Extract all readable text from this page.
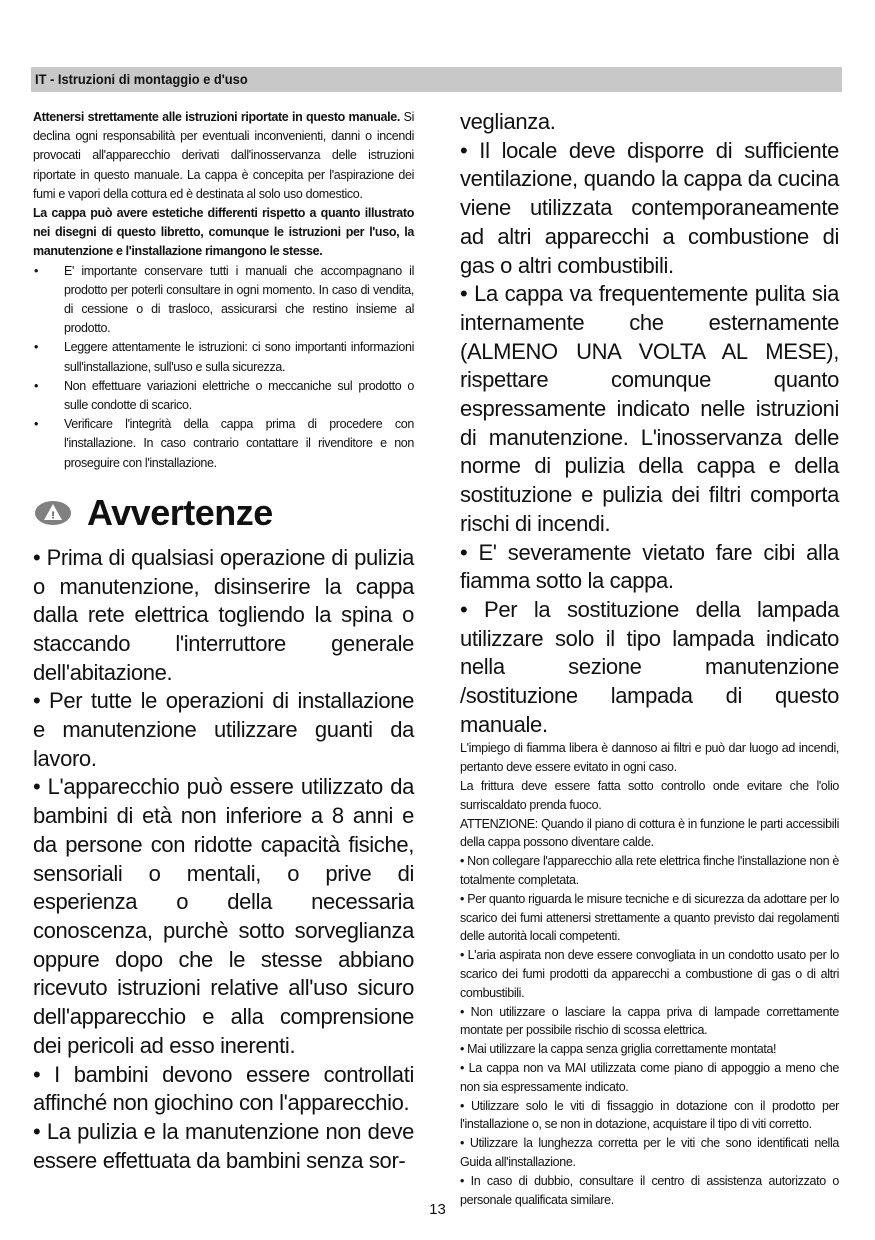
IT - Istruzioni di montaggio e d'uso

Attenersi strettamente alle istruzioni riportate in questo manuale. Si declina ogni responsabilità per eventuali inconvenienti, danni o incendi provocati all'apparecchio derivati dall'inosservanza delle istruzioni riportate in questo manuale. La cappa è concepita per l'aspirazione dei fumi e vapori della cottura ed è destinata al solo uso domestico.

La cappa può avere estetiche differenti rispetto a quanto illustrato nei disegni di questo libretto, comunque le istruzioni per l'uso, la manutenzione e l'installazione rimangono le stesse.

• E' importante conservare tutti i manuali che accompagnano il prodotto per poterli consultare in ogni momento. In caso di vendita, di cessione o di trasloco, assicurarsi che restino insieme al prodotto.
• Leggere attentamente le istruzioni: ci sono importanti informazioni sull'installazione, sull'uso e sulla sicurezza.
• Non effettuare variazioni elettriche o meccaniche sul prodotto o sulle condotte di scarico.
• Verificare l'integrità della cappa prima di procedere con l'installazione. In caso contrario contattare il rivenditore e non proseguire con l'installazione.
! Avvertenze

• Prima di qualsiasi operazione di pulizia o manutenzione, disinserire la cappa dalla rete elettrica togliendo la spina o staccando l'interruttore generale dell'abitazione.

• Per tutte le operazioni di installazione e manutenzione utilizzare guanti da lavoro.

• L'apparecchio può essere utilizzato da bambini di età non inferiore a 8 anni e da persone con ridotte capacità fisiche, sensoriali o mentali, o prive di esperienza o della necessaria conoscenza, purchè sotto sorveglianza oppure dopo che le stesse abbiano ricevuto istruzioni relative all'uso sicuro dell'apparecchio e alla comprensione dei pericoli ad esso inerenti.

• I bambini devono essere controllati affinché non giochino con l'apparecchio.

• La pulizia e la manutenzione non deve essere effettuata da bambini senza sor-

veglianza.

• Il locale deve disporre di sufficiente ventilazione, quando la cappa da cucina viene utilizzata contemporaneamente ad altri apparecchi a combustione di gas o altri combustibili.

• La cappa va frequentemente pulita sia internamente che esternamente (ALMENO UNA VOLTA AL MESE), rispettare comunque quanto espressamente indicato nelle istruzioni di manutenzione. L'inosservanza delle norme di pulizia della cappa e della sostituzione e pulizia dei filtri comporta rischi di incendi.

• E' severamente vietato fare cibi alla fiamma sotto la cappa.

• Per la sostituzione della lampada utilizzare solo il tipo lampada indicato nella sezione manutenzione /sostituzione lampada di questo manuale.

L'impiego di fiamma libera è dannoso ai filtri e può dar luogo ad incendi, pertanto deve essere evitato in ogni caso.

La frittura deve essere fatta sotto controllo onde evitare che l'olio surriscaldato prenda fuoco.

ATTENZIONE: Quando il piano di cottura è in funzione le parti accessibili della cappa possono diventare calde.

• Non collegare l'apparecchio alla rete elettrica finche l'installazione non è totalmente completata.

• Per quanto riguarda le misure tecniche e di sicurezza da adottare per lo scarico dei fumi attenersi strettamente a quanto previsto dai regolamenti delle autorità locali competenti.

• L'aria aspirata non deve essere convogliata in un condotto usato per lo scarico dei fumi prodotti da apparecchi a combustione di gas o di altri combustibili.

• Non utilizzare o lasciare la cappa priva di lampade correttamente montate per possibile rischio di scossa elettrica.

• Mai utilizzare la cappa senza griglia correttamente montata!

• La cappa non va MAI utilizzata come piano di appoggio a meno che non sia espressamente indicato.

• Utilizzare solo le viti di fissaggio in dotazione con il prodotto per l'installazione o, se non in dotazione, acquistare il tipo di viti corretto.

• Utilizzare la lunghezza corretta per le viti che sono identificati nella Guida all'installazione.

• In caso di dubbio, consultare il centro di assistenza autorizzato o personale qualificata similare.

13
